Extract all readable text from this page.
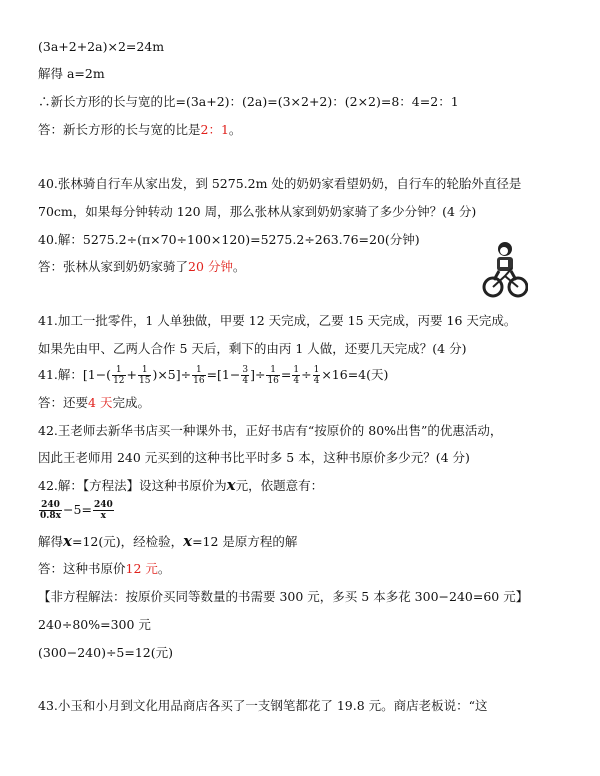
(3a+2+2a)×2=24m
解得 a=2m
∴新长方形的长与宽的比=(3a+2)：(2a)=(3×2+2)：(2×2)=8：4=2：1
答：新长方形的长与宽的比是2：1。
40.张林骑自行车从家出发，到 5275.2m 处的奶奶家看望奶奶，自行车的轮胎外直径是
70cm，如果每分钟转动 120 周，那么张林从家到奶奶家骑了多少分钟？(4 分)
40.解：5275.2÷(π×70÷100×120)=5275.2÷263.76=20(分钟)
答：张林从家到奶奶家骑了20 分钟。
41.加工一批零件，1 人单独做，甲要 12 天完成，乙要 15 天完成，丙要 16 天完成。
如果先由甲、乙两人合作 5 天后，剩下的由丙 1 人做，还要几天完成？(4 分)
41.解：$[1-( \frac{1}{12} + \frac{1}{15} )\times 5]\div \frac{1}{16} =[1- \frac{3}{4}$ ]÷ $\frac{1}{16} = \frac{1}{4} \div \frac{1}{4} \times 16=4$(天)
答：还要4 天完成。
42.王老师去新华书店买一种课外书，正好书店有“按原价的 80%出售”的优惠活动，
因此王老师用 240 元买到的这种书比平时多 5 本，这种书原价多少元？(4 分)
42.解：【方程法】设这种书原价为x元，依题意有：
$\frac{240}{0.8x} -5= \frac{240}{x}$
解得x=12(元)，经检验，x=12 是原方程的解
答：这种书原价12 元。
【非方程解法：按原价买同等数量的书需要 300 元，多买 5 本多花 300−240=60 元】
240÷80%=300 元
(300−240)÷5=12(元)
43.小玉和小月到文化用品商店各买了一支钢笔都花了 19.8 元。商店老板说：“这
